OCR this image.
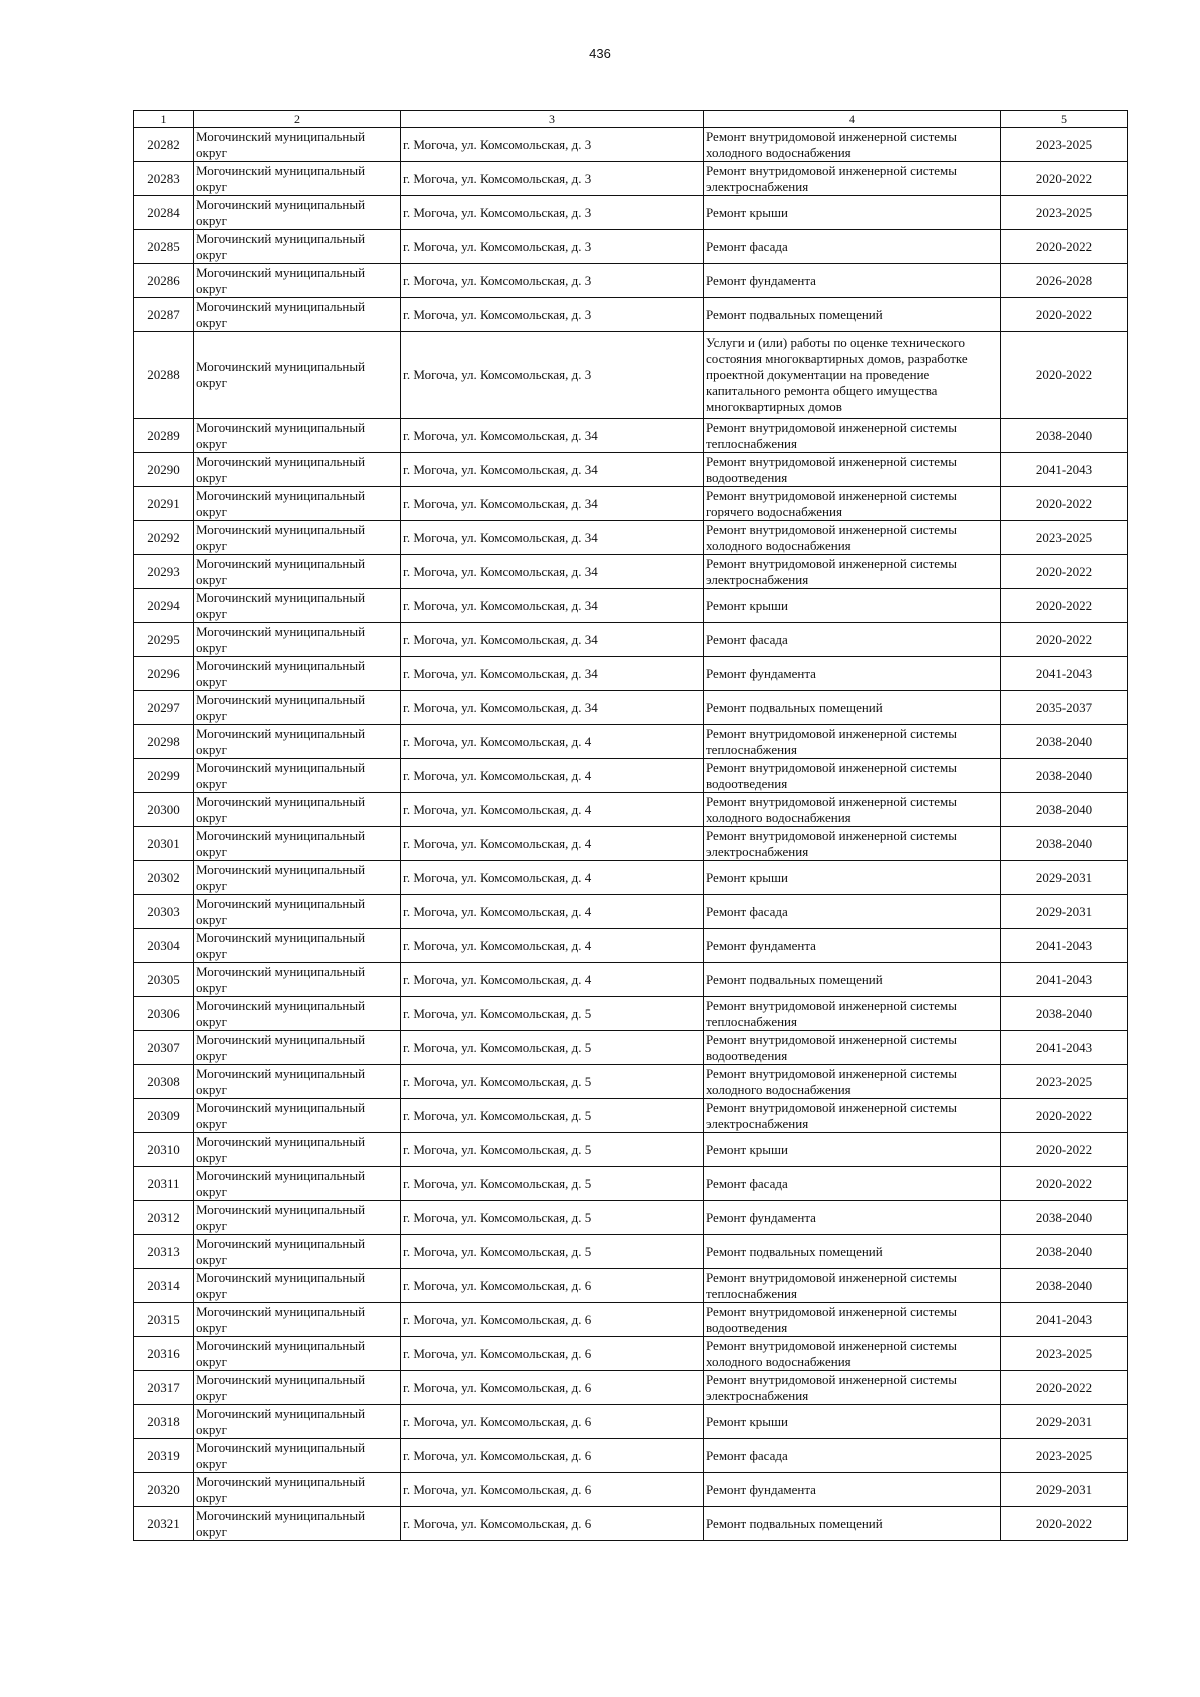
436
1	2	3	4	5
20282	Могочинский муниципальный округ	г. Могоча, ул. Комсомольская, д. 3	Ремонт внутридомовой инженерной системы холодного водоснабжения	2023-2025
20283	Могочинский муниципальный округ	г. Могоча, ул. Комсомольская, д. 3	Ремонт внутридомовой инженерной системы электроснабжения	2020-2022
20284	Могочинский муниципальный округ	г. Могоча, ул. Комсомольская, д. 3	Ремонт крыши	2023-2025
20285	Могочинский муниципальный округ	г. Могоча, ул. Комсомольская, д. 3	Ремонт фасада	2020-2022
20286	Могочинский муниципальный округ	г. Могоча, ул. Комсомольская, д. 3	Ремонт фундамента	2026-2028
20287	Могочинский муниципальный округ	г. Могоча, ул. Комсомольская, д. 3	Ремонт подвальных помещений	2020-2022
20288	Могочинский муниципальный округ	г. Могоча, ул. Комсомольская, д. 3	Услуги и (или) работы по оценке технического состояния многоквартирных домов, разработке проектной документации на проведение капитального ремонта общего имущества многоквартирных домов	2020-2022
20289	Могочинский муниципальный округ	г. Могоча, ул. Комсомольская, д. 34	Ремонт внутридомовой инженерной системы теплоснабжения	2038-2040
20290	Могочинский муниципальный округ	г. Могоча, ул. Комсомольская, д. 34	Ремонт внутридомовой инженерной системы водоотведения	2041-2043
20291	Могочинский муниципальный округ	г. Могоча, ул. Комсомольская, д. 34	Ремонт внутридомовой инженерной системы горячего водоснабжения	2020-2022
20292	Могочинский муниципальный округ	г. Могоча, ул. Комсомольская, д. 34	Ремонт внутридомовой инженерной системы холодного водоснабжения	2023-2025
20293	Могочинский муниципальный округ	г. Могоча, ул. Комсомольская, д. 34	Ремонт внутридомовой инженерной системы электроснабжения	2020-2022
20294	Могочинский муниципальный округ	г. Могоча, ул. Комсомольская, д. 34	Ремонт крыши	2020-2022
20295	Могочинский муниципальный округ	г. Могоча, ул. Комсомольская, д. 34	Ремонт фасада	2020-2022
20296	Могочинский муниципальный округ	г. Могоча, ул. Комсомольская, д. 34	Ремонт фундамента	2041-2043
20297	Могочинский муниципальный округ	г. Могоча, ул. Комсомольская, д. 34	Ремонт подвальных помещений	2035-2037
20298	Могочинский муниципальный округ	г. Могоча, ул. Комсомольская, д. 4	Ремонт внутридомовой инженерной системы теплоснабжения	2038-2040
20299	Могочинский муниципальный округ	г. Могоча, ул. Комсомольская, д. 4	Ремонт внутридомовой инженерной системы водоотведения	2038-2040
20300	Могочинский муниципальный округ	г. Могоча, ул. Комсомольская, д. 4	Ремонт внутридомовой инженерной системы холодного водоснабжения	2038-2040
20301	Могочинский муниципальный округ	г. Могоча, ул. Комсомольская, д. 4	Ремонт внутридомовой инженерной системы электроснабжения	2038-2040
20302	Могочинский муниципальный округ	г. Могоча, ул. Комсомольская, д. 4	Ремонт крыши	2029-2031
20303	Могочинский муниципальный округ	г. Могоча, ул. Комсомольская, д. 4	Ремонт фасада	2029-2031
20304	Могочинский муниципальный округ	г. Могоча, ул. Комсомольская, д. 4	Ремонт фундамента	2041-2043
20305	Могочинский муниципальный округ	г. Могоча, ул. Комсомольская, д. 4	Ремонт подвальных помещений	2041-2043
20306	Могочинский муниципальный округ	г. Могоча, ул. Комсомольская, д. 5	Ремонт внутридомовой инженерной системы теплоснабжения	2038-2040
20307	Могочинский муниципальный округ	г. Могоча, ул. Комсомольская, д. 5	Ремонт внутридомовой инженерной системы водоотведения	2041-2043
20308	Могочинский муниципальный округ	г. Могоча, ул. Комсомольская, д. 5	Ремонт внутридомовой инженерной системы холодного водоснабжения	2023-2025
20309	Могочинский муниципальный округ	г. Могоча, ул. Комсомольская, д. 5	Ремонт внутридомовой инженерной системы электроснабжения	2020-2022
20310	Могочинский муниципальный округ	г. Могоча, ул. Комсомольская, д. 5	Ремонт крыши	2020-2022
20311	Могочинский муниципальный округ	г. Могоча, ул. Комсомольская, д. 5	Ремонт фасада	2020-2022
20312	Могочинский муниципальный округ	г. Могоча, ул. Комсомольская, д. 5	Ремонт фундамента	2038-2040
20313	Могочинский муниципальный округ	г. Могоча, ул. Комсомольская, д. 5	Ремонт подвальных помещений	2038-2040
20314	Могочинский муниципальный округ	г. Могоча, ул. Комсомольская, д. 6	Ремонт внутридомовой инженерной системы теплоснабжения	2038-2040
20315	Могочинский муниципальный округ	г. Могоча, ул. Комсомольская, д. 6	Ремонт внутридомовой инженерной системы водоотведения	2041-2043
20316	Могочинский муниципальный округ	г. Могоча, ул. Комсомольская, д. 6	Ремонт внутридомовой инженерной системы холодного водоснабжения	2023-2025
20317	Могочинский муниципальный округ	г. Могоча, ул. Комсомольская, д. 6	Ремонт внутридомовой инженерной системы электроснабжения	2020-2022
20318	Могочинский муниципальный округ	г. Могоча, ул. Комсомольская, д. 6	Ремонт крыши	2029-2031
20319	Могочинский муниципальный округ	г. Могоча, ул. Комсомольская, д. 6	Ремонт фасада	2023-2025
20320	Могочинский муниципальный округ	г. Могоча, ул. Комсомольская, д. 6	Ремонт фундамента	2029-2031
20321	Могочинский муниципальный округ	г. Могоча, ул. Комсомольская, д. 6	Ремонт подвальных помещений	2020-2022
